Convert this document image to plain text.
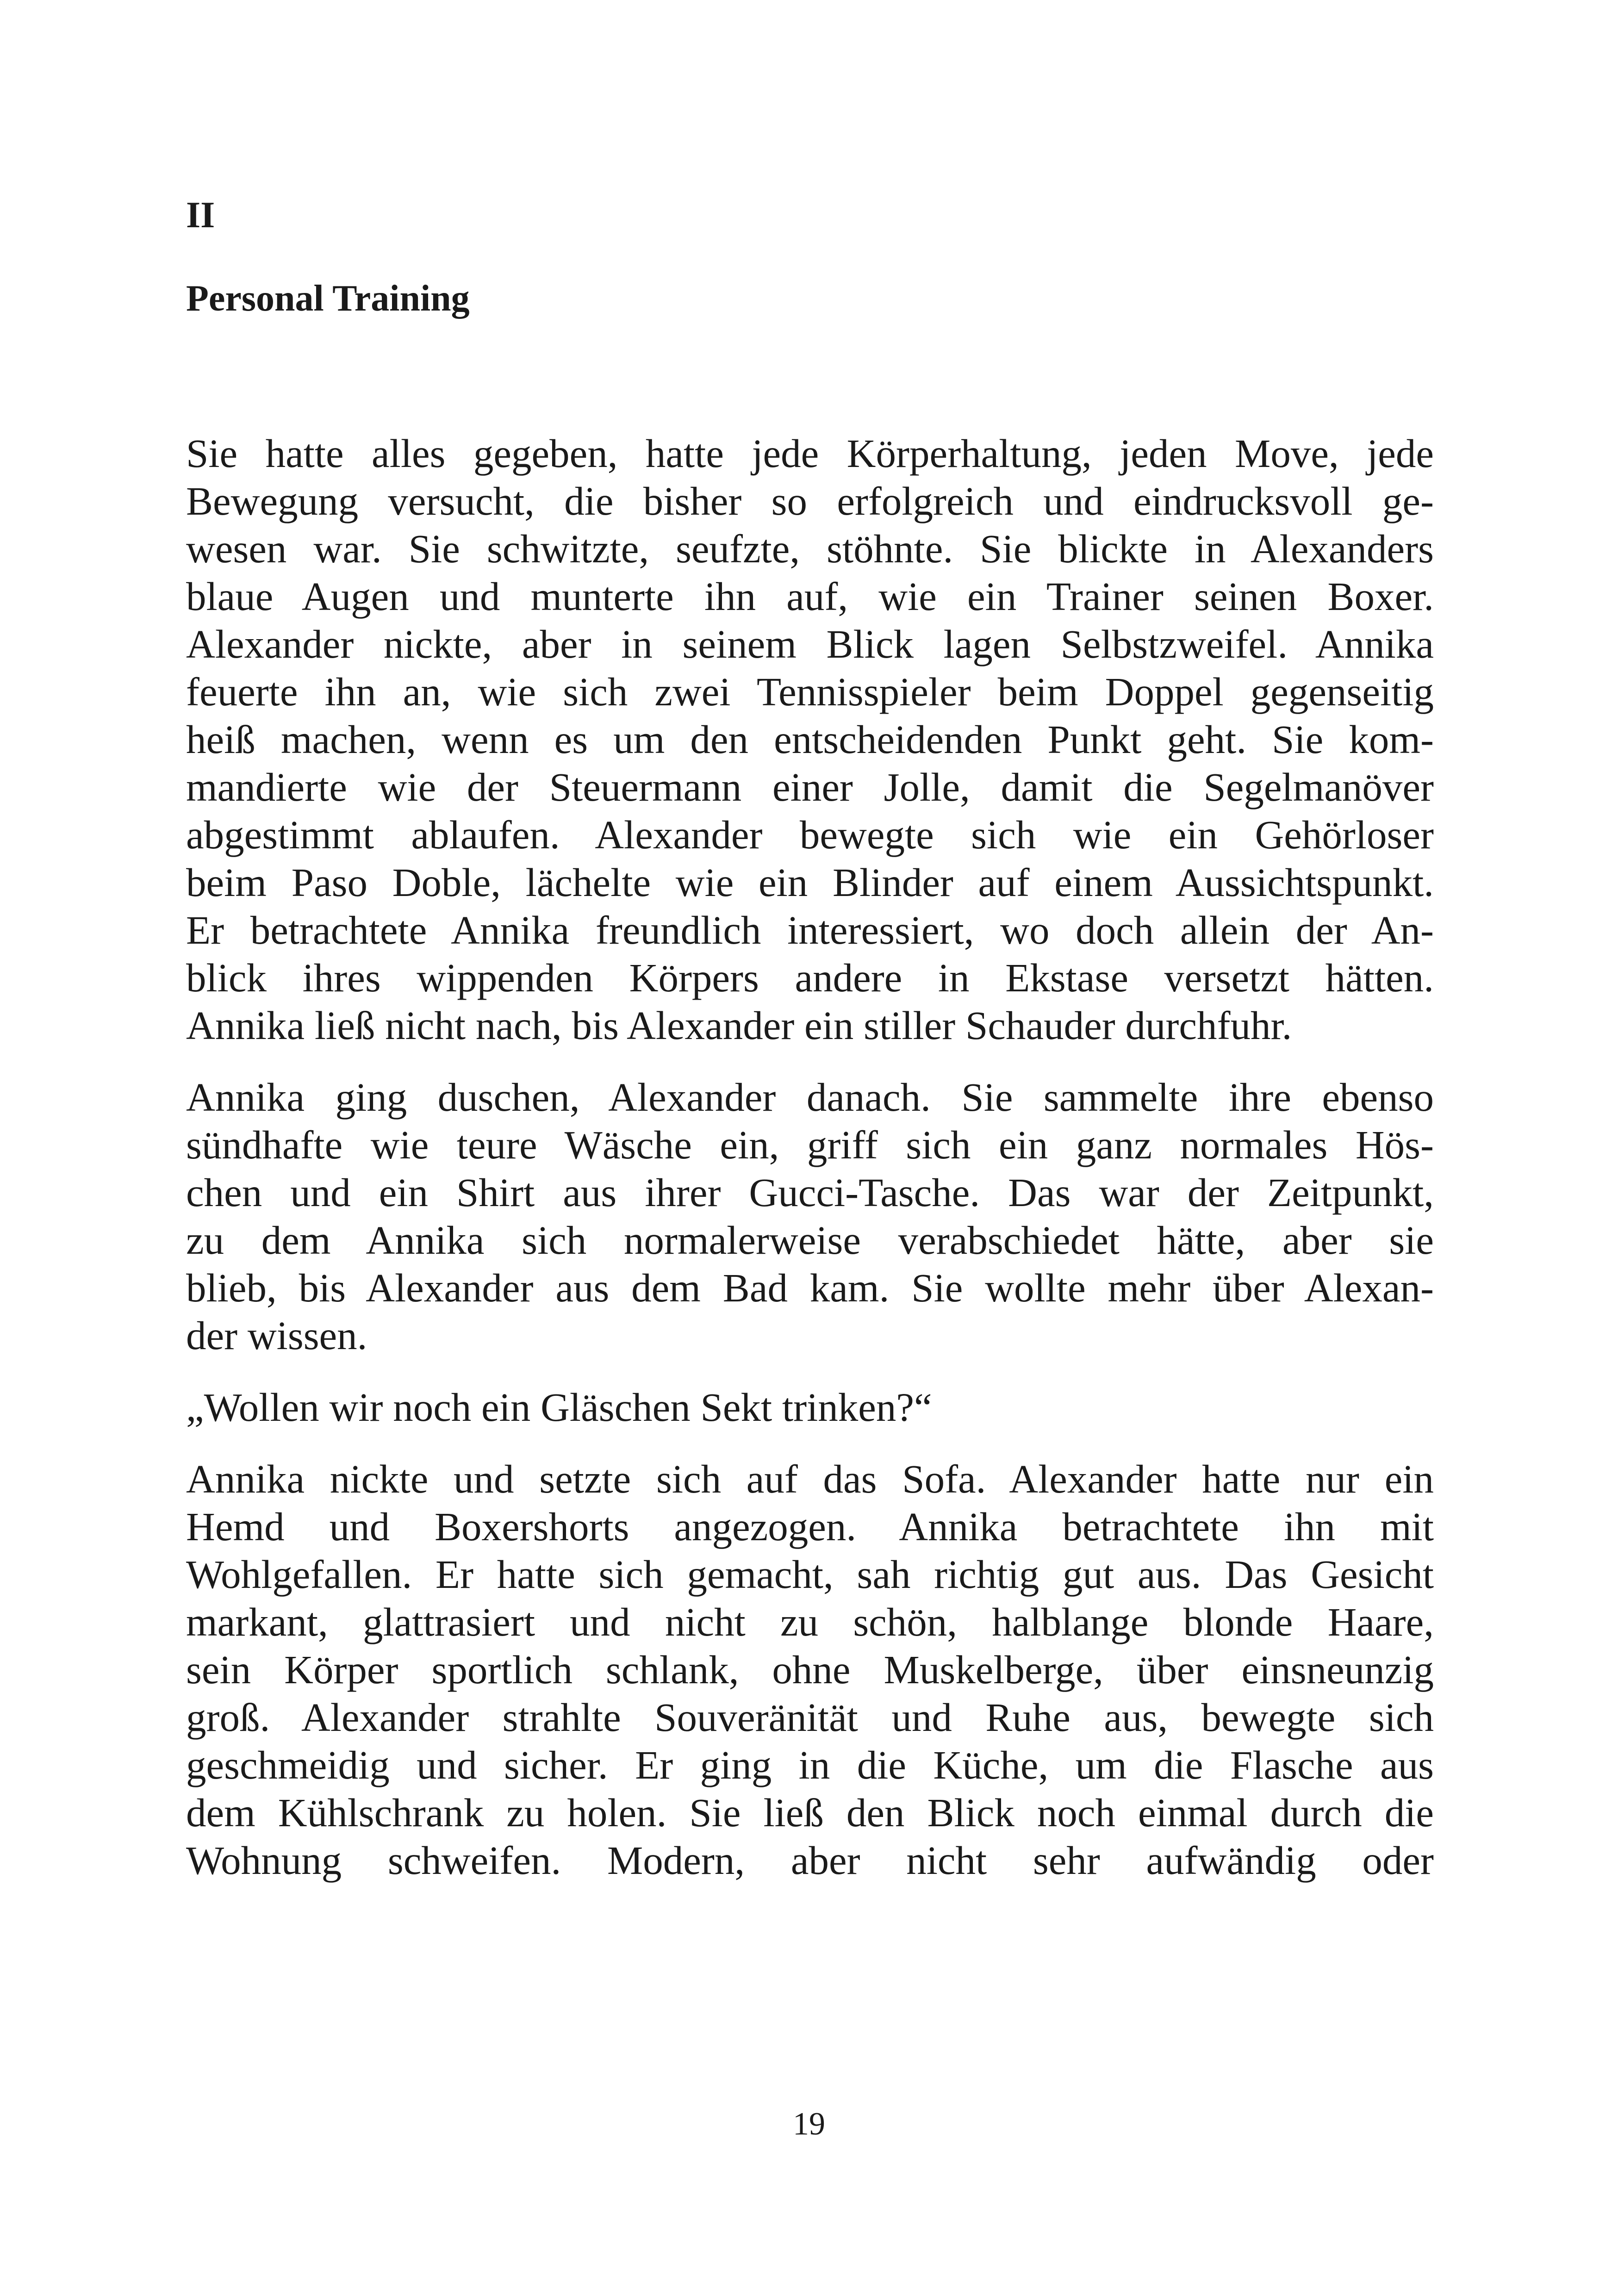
II
Personal Training
Sie hatte alles gegeben, hatte jede Körperhaltung, jeden Move, jede
Bewegung versucht, die bisher so erfolgreich und eindrucksvoll ge-
wesen war. Sie schwitzte, seufzte, stöhnte. Sie blickte in Alexanders
blaue Augen und munterte ihn auf, wie ein Trainer seinen Boxer.
Alexander nickte, aber in seinem Blick lagen Selbstzweifel. Annika
feuerte ihn an, wie sich zwei Tennisspieler beim Doppel gegenseitig
heiß machen, wenn es um den entscheidenden Punkt geht. Sie kom-
mandierte wie der Steuermann einer Jolle, damit die Segelmanöver
abgestimmt ablaufen. Alexander bewegte sich wie ein Gehörloser
beim Paso Doble, lächelte wie ein Blinder auf einem Aussichtspunkt.
Er betrachtete Annika freundlich interessiert, wo doch allein der An-
blick ihres wippenden Körpers andere in Ekstase versetzt hätten.
Annika ließ nicht nach, bis Alexander ein stiller Schauder durchfuhr.
Annika ging duschen, Alexander danach. Sie sammelte ihre ebenso
sündhafte wie teure Wäsche ein, griff sich ein ganz normales Hös-
chen und ein Shirt aus ihrer Gucci-Tasche. Das war der Zeitpunkt,
zu dem Annika sich normalerweise verabschiedet hätte, aber sie
blieb, bis Alexander aus dem Bad kam. Sie wollte mehr über Alexan-
der wissen.
„Wollen wir noch ein Gläschen Sekt trinken?“
Annika nickte und setzte sich auf das Sofa. Alexander hatte nur ein
Hemd und Boxershorts angezogen. Annika betrachtete ihn mit
Wohlgefallen. Er hatte sich gemacht, sah richtig gut aus. Das Gesicht
markant, glattrasiert und nicht zu schön, halblange blonde Haare,
sein Körper sportlich schlank, ohne Muskelberge, über einsneunzig
groß. Alexander strahlte Souveränität und Ruhe aus, bewegte sich
geschmeidig und sicher. Er ging in die Küche, um die Flasche aus
dem Kühlschrank zu holen. Sie ließ den Blick noch einmal durch die
Wohnung schweifen. Modern, aber nicht sehr aufwändig oder
19
